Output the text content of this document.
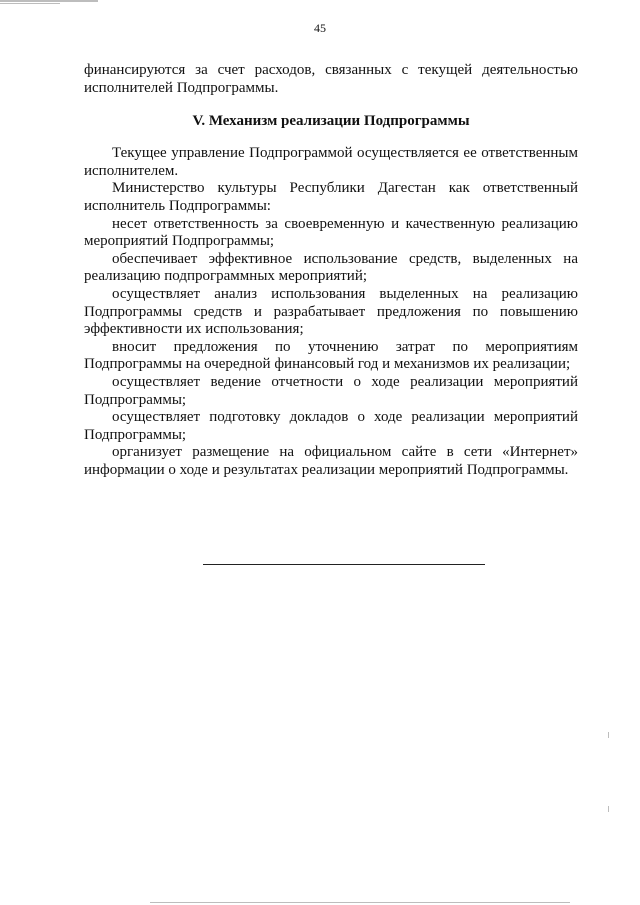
45

финансируются за счет расходов, связанных с текущей деятельностью исполнителей Подпрограммы.

V. Механизм реализации Подпрограммы

Текущее управление Подпрограммой осуществляется ее ответственным исполнителем.

Министерство культуры Республики Дагестан как ответственный исполнитель Подпрограммы:

несет ответственность за своевременную и качественную реализацию мероприятий Подпрограммы;

обеспечивает эффективное использование средств, выделенных на реализацию подпрограммных мероприятий;

осуществляет анализ использования выделенных на реализацию Подпрограммы средств и разрабатывает предложения по повышению эффективности их использования;

вносит предложения по уточнению затрат по мероприятиям Подпрограммы на очередной финансовый год и механизмов их реализации;

осуществляет ведение отчетности о ходе реализации мероприятий Подпрограммы;

осуществляет подготовку докладов о ходе реализации мероприятий Подпрограммы;

организует размещение на официальном сайте в сети «Интернет» информации о ходе и результатах реализации мероприятий Подпрограммы.
